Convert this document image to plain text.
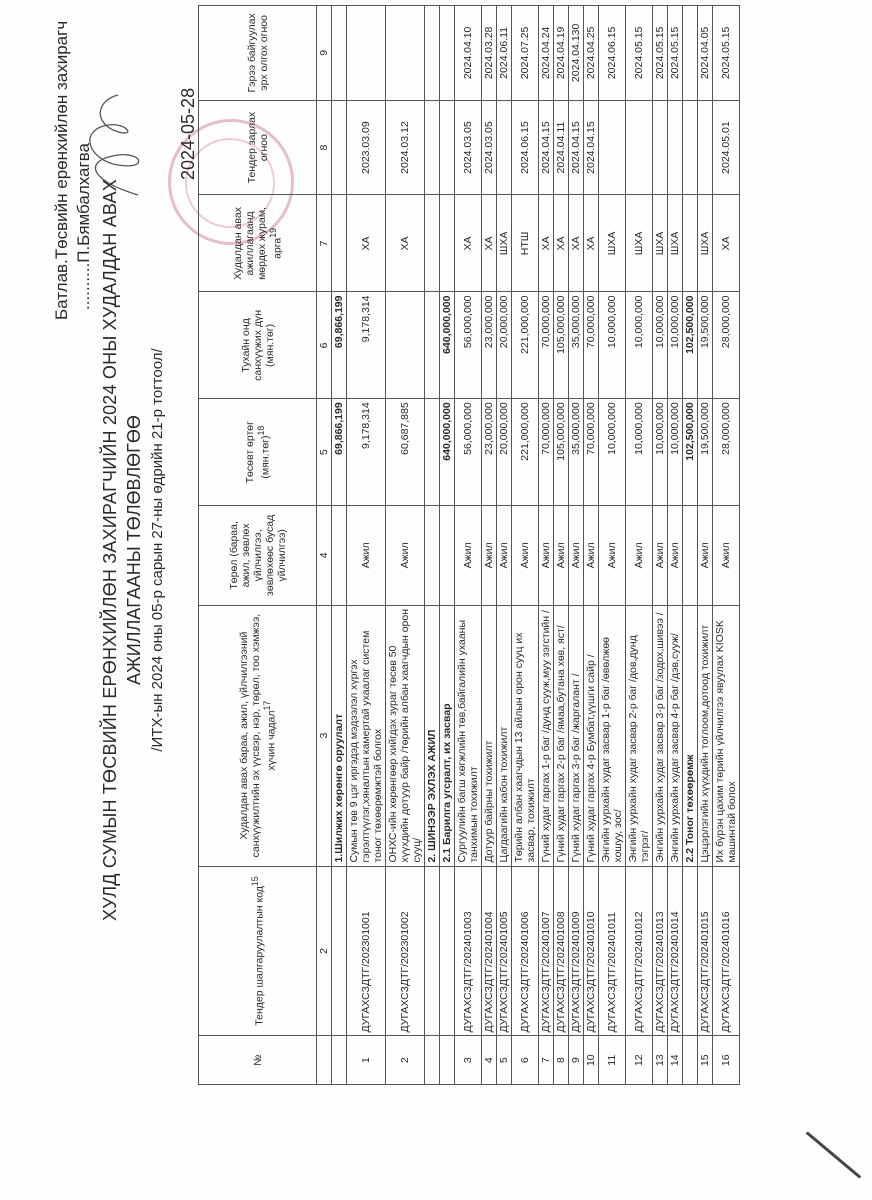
Батлав.Төсвийн ерөнхийлөн захирагч ..........П.Бямбалхагва ХУЛД СУМЫН ТӨСВИЙН ЕРӨНХИЙЛӨН ЗАХИРАГЧИЙН 2024 ОНЫ ХУДАЛДАН АВАХ АЖИЛЛАГААНЫ ТӨЛӨВЛӨГӨӨ /ИТХ-ын 2024 оны 05-р сарын 27-ны өдрийн 21-р тогтоол/
2024-05-28
№	Тендер шалгаруулалтын код$^{15}$	Худалдан авах бараа, ажил, үйлчилгээний санхүүжилтийн эх үүсвэр, нэр, төрөл, тоо хэмжээ, хүчин чадал$^{17}$	Төрөл (бараа, ажил, зөвлөх үйлчилгээ, зөвлөхөөс бусад үйлчилгээ)	Төсөвт өртөг $(мян.төг)^{18}$	Тухайн онд санхүүжих дүн (мян.төг)	Худалдан авах ажиллагаанд мөрдөх журам, арга$^{19}$	Тендер зарлах огноо	Гэрээ байгуулах эрх олгох огноо
	2	3	4	5	6	7	8	9
		1.Шилжих хөрөнгө оруулалт		69,866,199	69,866,199			
1	ДУГАХСЗДТГ/202301001	Сумын төв 9 цэг иргэдэд мэдээлэл хүргэх гэрэлтүүлэг,хяналтын камертай ухаалаг систем тоног төхөөрөмжтэй болгох	Ажил	9,178,314	9,178,314	ХА	2023.03.09	
2	ДУГАХСЗДТГ/202301002	ОНХС-ийн хөрөнгөөр хийгдэх зураг төсөв 50 хүүхдийн дотуур байр /төрийн албан хаагчдын орон сууц/	Ажил	60,687,885		ХА	2024.03.12	
		2. ШИНЭЭР ЭХЛЭХ АЖИЛ						
		2.1 Барилга угсралт, их засвар		640,000,000	640,000,000			
3	ДУГАХСЗДТГ/202401003	Сургуулийн багш хөгжлийн төв,байгалийн ухааны танхимын тохижилт	Ажил	56,000,000	56,000,000	ХА	2024.03.05	2024.04.10
4	ДУГАХСЗДТГ/202401004	Дотуур байрны тохижилт	Ажил	23,000,000	23,000,000	ХА	2024.03.05	2024.03.28
5	ДУГАХСЗДТГ/202401005	Цагдаагийн кабон тохижилт	Ажил	20,000,000	20,000,000	ШХА		2024.06.11
6	ДУГАХСЗДТГ/202401006	Төрийн албан хаагчдын 13 айлын орон сууц их засвар, тохижилт	Ажил	221,000,000	221,000,000	НТШ	2024.06.15	2024.07.25
7	ДУГАХСЗДТГ/202401007	Гүний худаг гаргах 1-р баг /дунд сууж,муу зэгстийн /	Ажил	70,000,000	70,000,000	ХА	2024.04.15	2024.04.24
8	ДУГАХСЗДТГ/202401008	Гүний худаг гаргах 2-р баг /ямаа,бутана хөв, яст/	Ажил	105,000,000	105,000,000	ХА	2024.04.11	2024.04.19
9	ДУГАХСЗДТГ/202401009	Гүний худаг гаргах 3-р баг /жаргалант /	Ажил	35,000,000	35,000,000	ХА	2024.04.15	2024.04.130
10	ДУГАХСЗДТГ/202401010	Гүний худаг гаргах 4-р Бумбат,үүшги сайр /	Ажил	70,000,000	70,000,000	ХА	2024.04.15	2024.04.25
11	ДУГАХСЗДТГ/202401011	Энгийн уурхайн худаг засвар 1-р баг /өвөлжөө хошуу, зос/	Ажил	10,000,000	10,000,000	ШХА		2024.06.15
12	ДУГАХСЗДТГ/202401012	Энгийн уурхайн худаг засвар 2-р баг /дов,дунд тэгрэг/	Ажил	10,000,000	10,000,000	ШХА		2024.05.15
13	ДУГАХСЗДТГ/202401013	Энгийн уурхайн худаг засвар 3-р баг /зодох,шивээ /	Ажил	10,000,000	10,000,000	ШХА		2024.05.15
14	ДУГАХСЗДТГ/202401014	Энгийн уурхайн худаг засвар 4-р баг /дэв,сууж/	Ажил	10,000,000	10,000,000	ШХА		2024.05.15
		2.2 Тоног төхөөрөмж		102,500,000	102,500,000			
15	ДУГАХСЗДТГ/202401015	Цэцэрлэгийн хүүхдийн тоглоом,дотоод тохижилт	Ажил	19,500,000	19,500,000	ШХА		2024.04.05
16	ДУГАХСЗДТГ/202401016	Их бүрэн цахим төрийн үйлчилгээ явуулах KIOSK машинтай болох	Ажил	28,000,000	28,000,000	ХА	2024.05.01	2024.05.15
